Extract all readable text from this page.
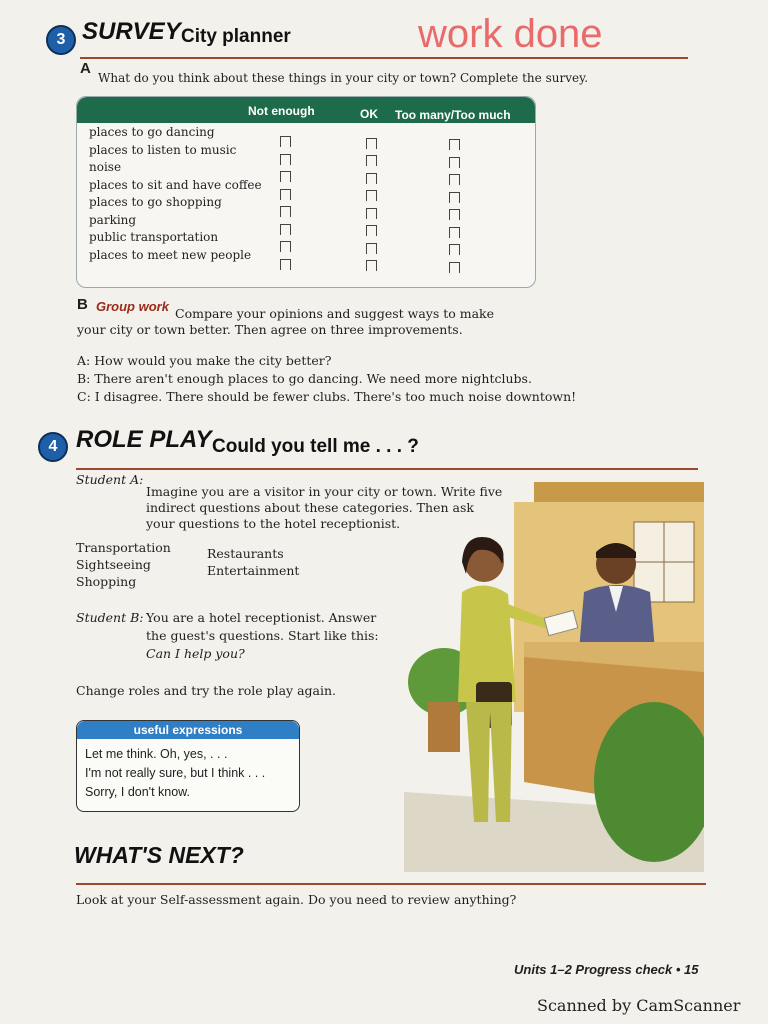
3 SURVEY City planner	work done
A
What do you think about these things in your city or town? Complete the survey.
Not enough	OK Too many/Too much
places to go dancing
places to listen to music
noise
places to sit and have coffee
places to go shopping
parking
public transportation
places to meet new people
B Group work Compare your opinions and suggest ways to make
your city or town better. Then agree on three improvements.
A: How would you make the city better?
B: There aren't enough places to go dancing. We need more nightclubs.
C: I disagree. There should be fewer clubs. There's too much noise downtown!
4 ROLE PLAY Could you tell me . . . ?
Student A:
Imagine you are a visitor in your city or town. Write five
indirect questions about these categories. Then ask
your questions to the hotel receptionist.
Transportation
Sightseeing
Shopping
Restaurants
Entertainment
Student B: You are a hotel receptionist. Answer
the guest's questions. Start like this:
Can I help you?
Change roles and try the role play again.
useful expressions
Let me think. Oh, yes, . . .
I'm not really sure, but I think . . .
Sorry, I don't know.
WHAT'S NEXT?
Look at your Self-assessment again. Do you need to review anything?
Units 1–2 Progress check • 15
Scanned by CamScanner
